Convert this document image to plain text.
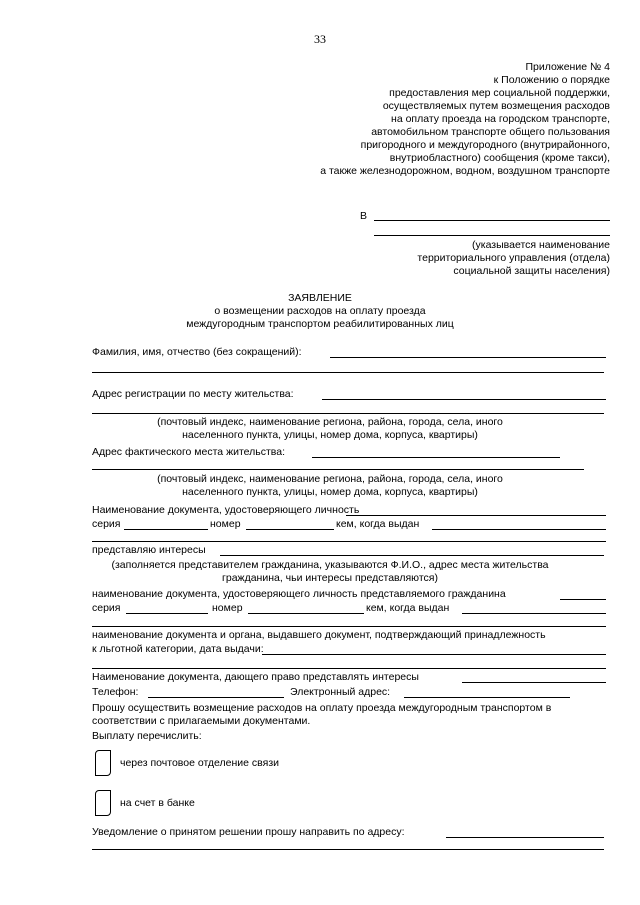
33
Приложение № 4
к Положению о порядке
предоставления мер социальной поддержки,
осуществляемых путем возмещения расходов
на оплату проезда на городском транспорте,
автомобильном транспорте общего пользования
пригородного и междугородного (внутрирайонного,
внутриобластного) сообщения (кроме такси),
а также железнодорожном, водном, воздушном транспорте
В
(указывается наименование
территориального управления (отдела)
социальной защиты населения)
ЗАЯВЛЕНИЕ
о возмещении расходов на оплату проезда
междугородным транспортом реабилитированных лиц
Фамилия, имя, отчество (без сокращений):
Адрес регистрации по месту жительства:
(почтовый индекс, наименование региона, района, города, села, иного
населенного пункта, улицы, номер дома, корпуса, квартиры)
Адрес фактического места жительства:
(почтовый индекс, наименование региона, района, города, села, иного
населенного пункта, улицы, номер дома, корпуса, квартиры)
Наименование документа, удостоверяющего личность
серия	номер	кем, когда выдан
представляю интересы
(заполняется представителем гражданина, указываются Ф.И.О., адрес места жительства
гражданина, чьи интересы представляются)
наименование документа, удостоверяющего личность представляемого гражданина
серия	номер	кем, когда выдан
наименование документа и органа, выдавшего документ, подтверждающий принадлежность
к льготной категории, дата выдачи:
Наименование документа, дающего право представлять интересы
Телефон:	Электронный адрес:
Прошу осуществить возмещение расходов на оплату проезда междугородным транспортом в
соответствии с прилагаемыми документами.
Выплату перечислить:
через почтовое отделение связи
на счет в банке
Уведомление о принятом решении прошу направить по адресу:
